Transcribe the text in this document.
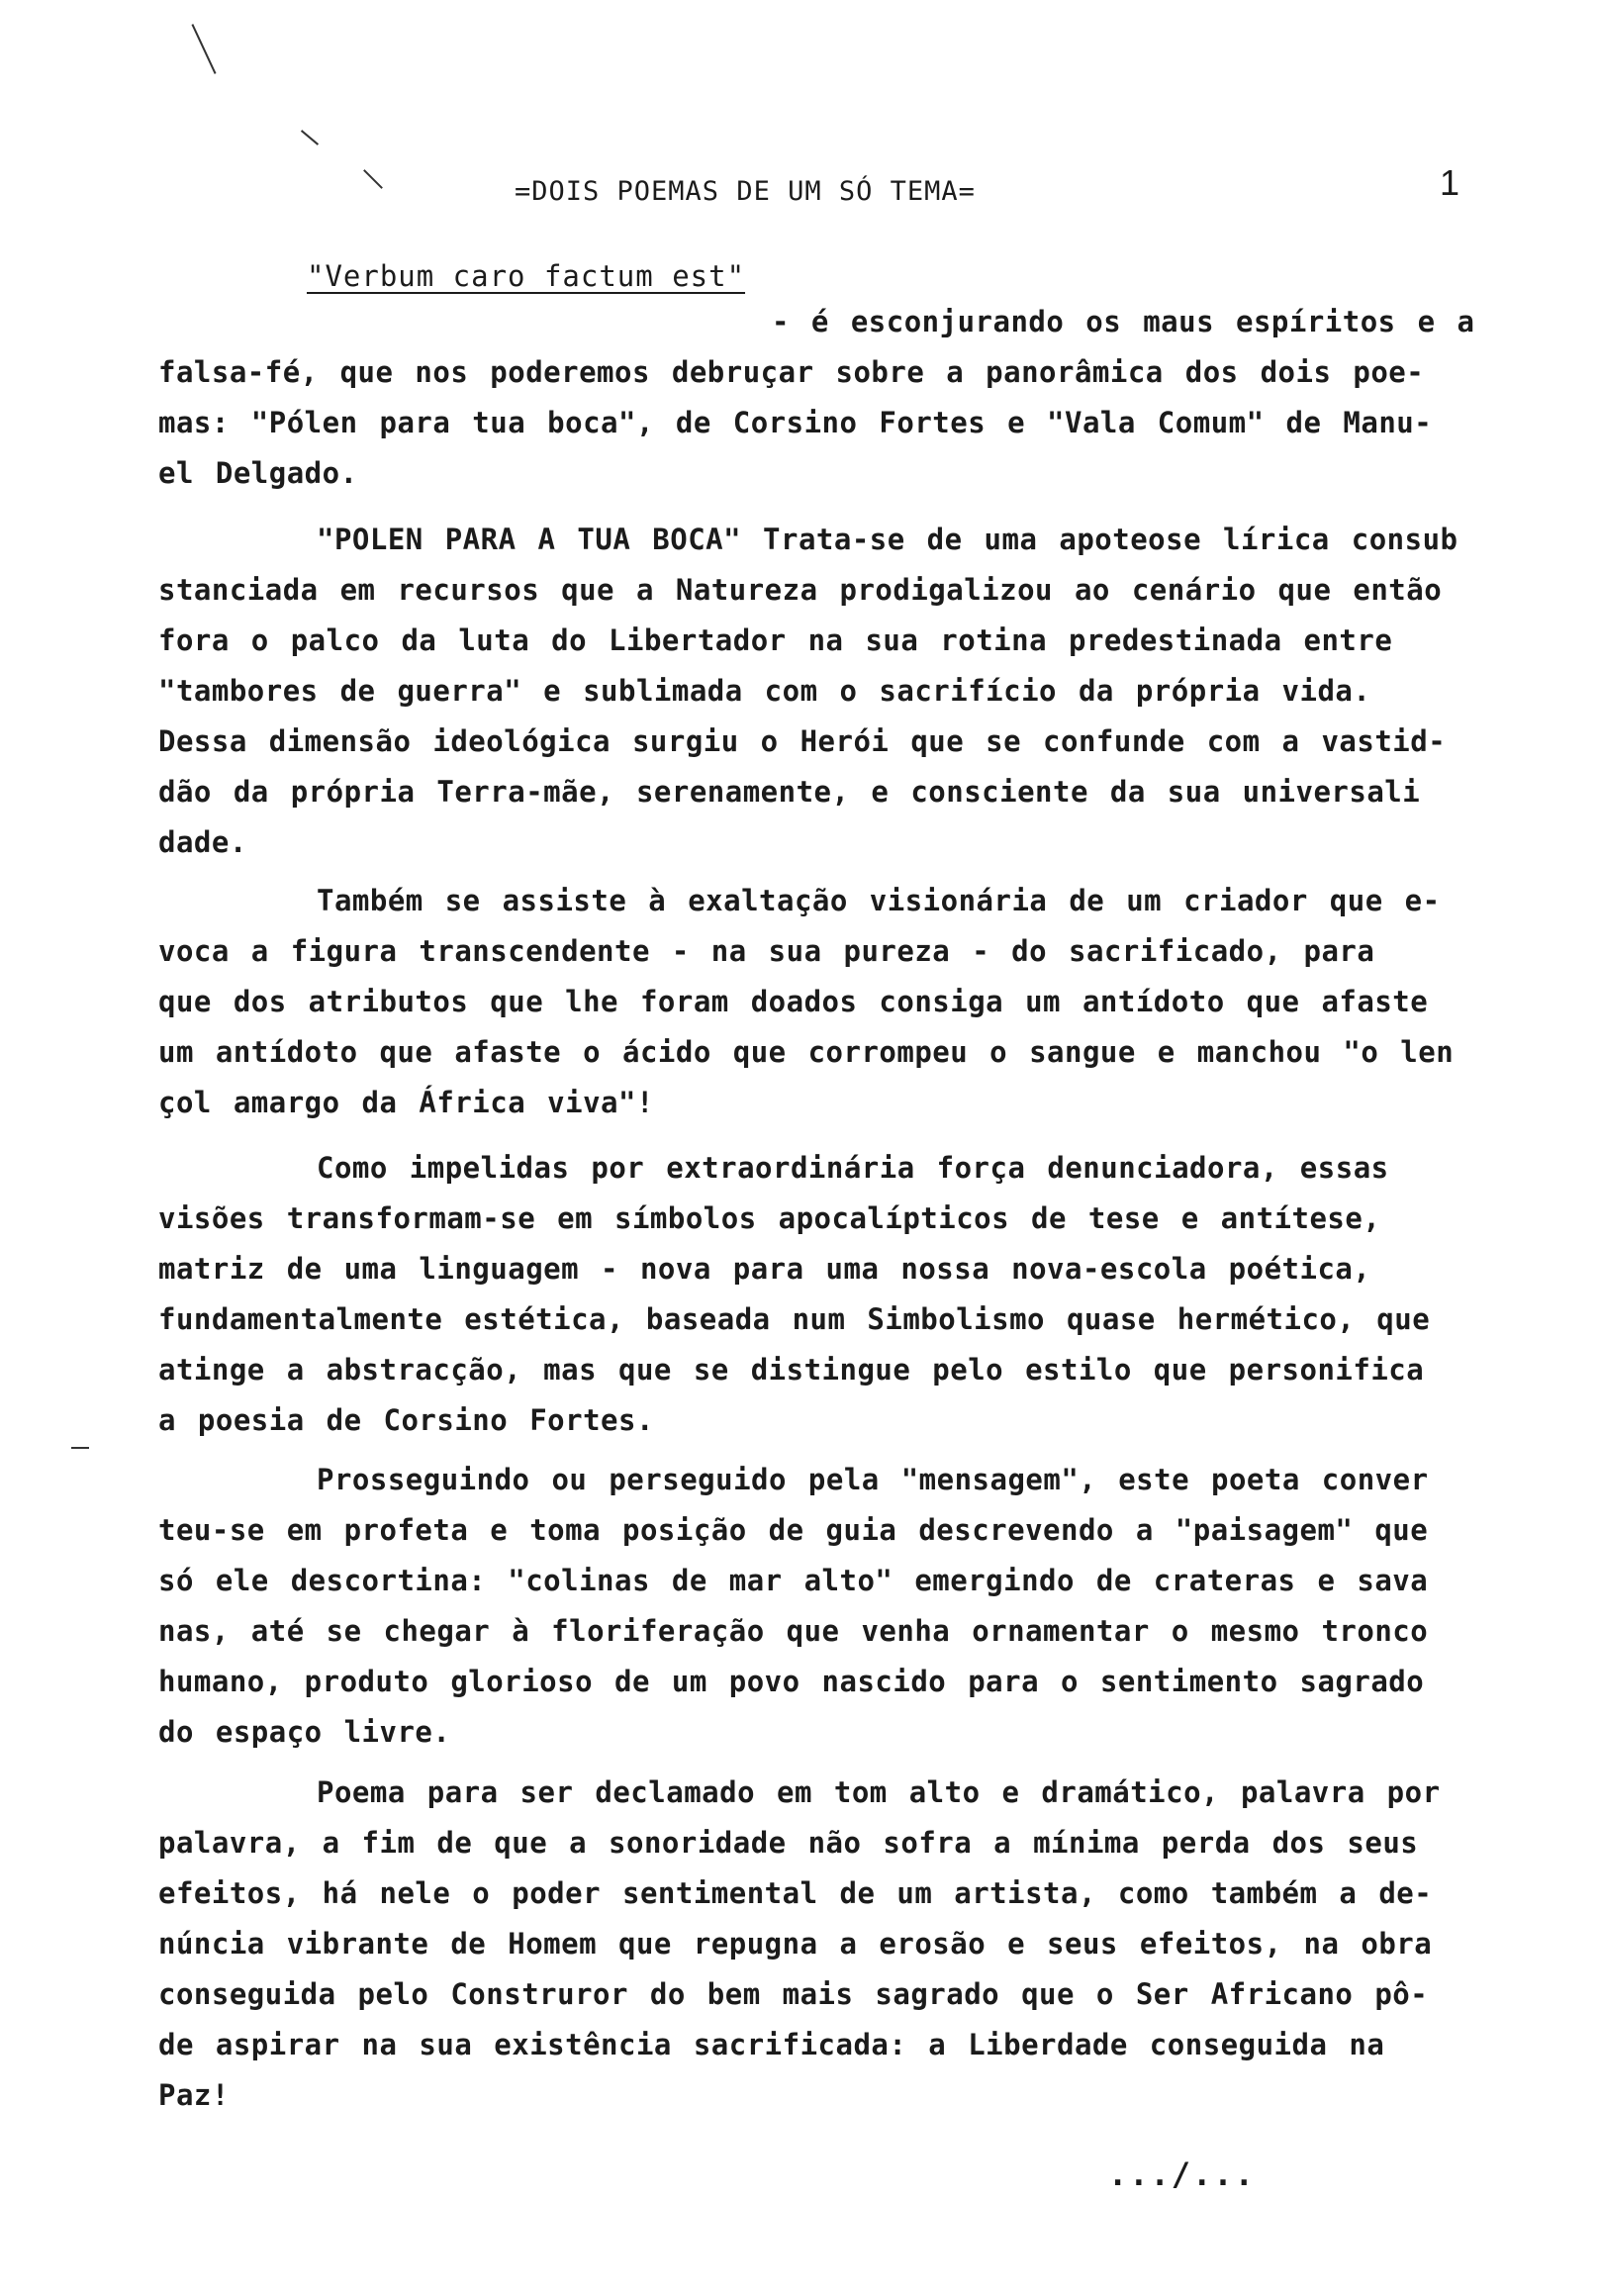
=DOIS POEMAS DE UM SÓ TEMA=	1
"Verbum caro factum est"
- é esconjurando os maus espíritos e a
falsa-fé, que nos poderemos debruçar sobre a panorâmica dos dois poe-
mas: "Pólen para tua boca", de Corsino Fortes e "Vala Comum" de Manu-
el Delgado.
"POLEN PARA A TUA BOCA" Trata-se de uma apoteose lírica consub
stanciada em recursos que a Natureza prodigalizou ao cenário que então
fora o palco da luta do Libertador na sua rotina predestinada entre
"tambores de guerra" e sublimada com o sacrifício da própria vida.
Dessa dimensão ideológica surgiu o Herói que se confunde com a vastid-
dão da própria Terra-mãe, serenamente, e consciente da sua universali
dade.
Também se assiste à exaltação visionária de um criador que e-
voca a figura transcendente - na sua pureza - do sacrificado, para
que dos atributos que lhe foram doados consiga um antídoto que afaste
um antídoto que afaste o ácido que corrompeu o sangue e manchou "o len
çol amargo da África viva"!
Como impelidas por extraordinária força denunciadora, essas
visões transformam-se em símbolos apocalípticos de tese e antítese,
matriz de uma linguagem - nova para uma nossa nova-escola poética,
fundamentalmente estética, baseada num Simbolismo quase hermético, que
atinge a abstracção, mas que se distingue pelo estilo que personifica
a poesia de Corsino Fortes.
Prosseguindo ou perseguido pela "mensagem", este poeta conver
teu-se em profeta e toma posição de guia descrevendo a "paisagem" que
só ele descortina: "colinas de mar alto" emergindo de crateras e sava
nas, até se chegar à floriferação que venha ornamentar o mesmo tronco
humano, produto glorioso de um povo nascido para o sentimento sagrado
do espaço livre.
Poema para ser declamado em tom alto e dramático, palavra por
palavra, a fim de que a sonoridade não sofra a mínima perda dos seus
efeitos, há nele o poder sentimental de um artista, como também a de-
núncia vibrante de Homem que repugna a erosão e seus efeitos, na obra
conseguida pelo Construror do bem mais sagrado que o Ser Africano pô-
de aspirar na sua existência sacrificada: a Liberdade conseguida na
Paz!
.../...
